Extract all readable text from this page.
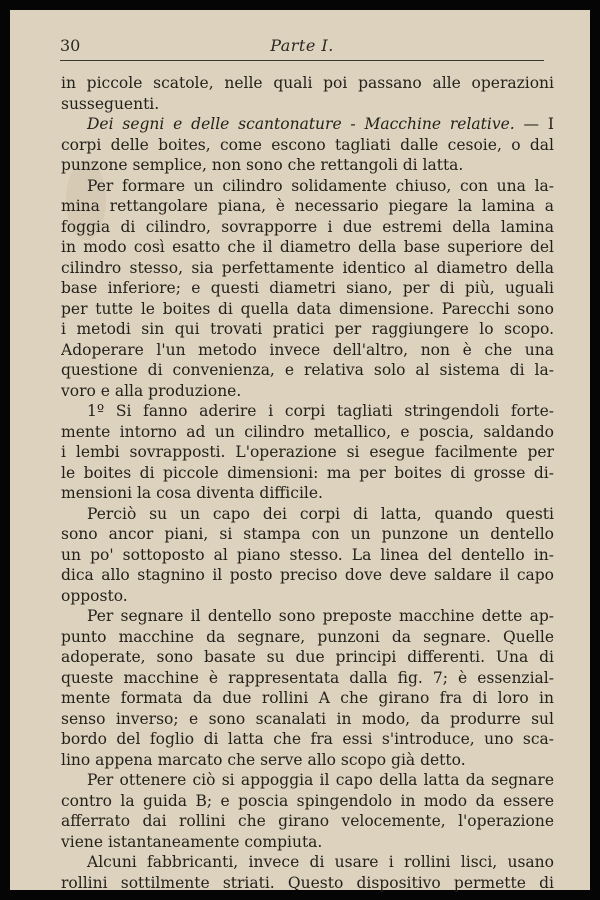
30	Parte I.
in piccole scatole, nelle quali poi passano alle operazioni
susseguenti.
Dei segni e delle scantonature - Macchine relative. — I
corpi delle boites, come escono tagliati dalle cesoie, o dal
punzone semplice, non sono che rettangoli di latta.
Per formare un cilindro solidamente chiuso, con una la-
mina rettangolare piana, è necessario piegare la lamina a
foggia di cilindro, sovrapporre i due estremi della lamina
in modo così esatto che il diametro della base superiore del
cilindro stesso, sia perfettamente identico al diametro della
base inferiore; e questi diametri siano, per di più, uguali
per tutte le boites di quella data dimensione. Parecchi sono
i metodi sin qui trovati pratici per raggiungere lo scopo.
Adoperare l'un metodo invece dell'altro, non è che una
questione di convenienza, e relativa solo al sistema di la-
voro e alla produzione.
1º Si fanno aderire i corpi tagliati stringendoli forte-
mente intorno ad un cilindro metallico, e poscia, saldando
i lembi sovrapposti. L'operazione si esegue facilmente per
le boites di piccole dimensioni: ma per boites di grosse di-
mensioni la cosa diventa difficile.
Perciò su un capo dei corpi di latta, quando questi
sono ancor piani, si stampa con un punzone un dentello
un po' sottoposto al piano stesso. La linea del dentello in-
dica allo stagnino il posto preciso dove deve saldare il capo
opposto.
Per segnare il dentello sono preposte macchine dette ap-
punto macchine da segnare, punzoni da segnare. Quelle
adoperate, sono basate su due principi differenti. Una di
queste macchine è rappresentata dalla fig. 7; è essenzial-
mente formata da due rollini A che girano fra di loro in
senso inverso; e sono scanalati in modo, da produrre sul
bordo del foglio di latta che fra essi s'introduce, uno sca-
lino appena marcato che serve allo scopo già detto.
Per ottenere ciò si appoggia il capo della latta da segnare
contro la guida B; e poscia spingendolo in modo da essere
afferrato dai rollini che girano velocemente, l'operazione
viene istantaneamente compiuta.
Alcuni fabbricanti, invece di usare i rollini lisci, usano
rollini sottilmente striati. Questo dispositivo permette di
